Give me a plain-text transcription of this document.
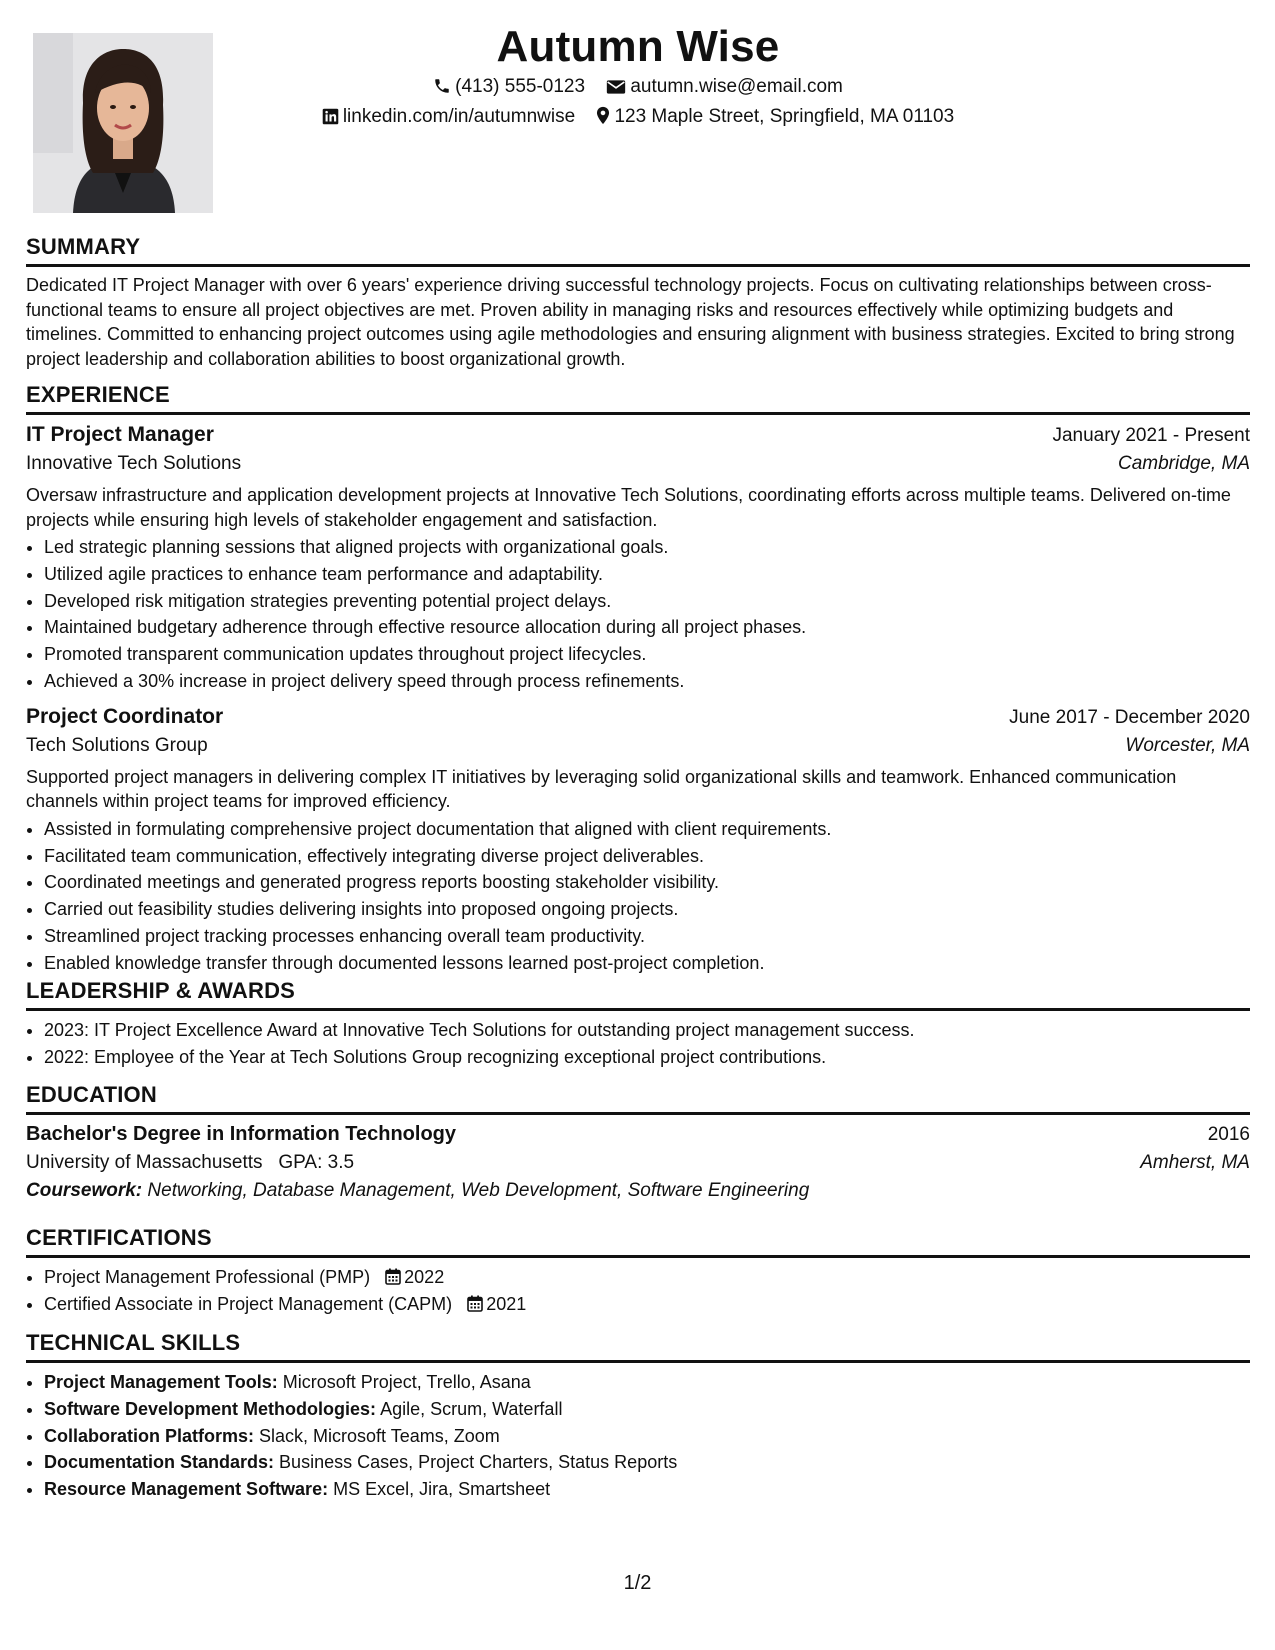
Autumn Wise
(413) 555-0123 autumn.wise@email.com
linkedin.com/in/autumnwise 123 Maple Street, Springfield, MA 01103
SUMMARY

Dedicated IT Project Manager with over 6 years' experience driving successful technology projects. Focus on cultivating relationships between cross-functional teams to ensure all project objectives are met. Proven ability in managing risks and resources effectively while optimizing budgets and timelines. Committed to enhancing project outcomes using agile methodologies and ensuring alignment with business strategies. Excited to bring strong project leadership and collaboration abilities to boost organizational growth.

EXPERIENCE
IT Project Manager	January 2021 - Present
Innovative Tech Solutions	Cambridge, MA

Oversaw infrastructure and application development projects at Innovative Tech Solutions, coordinating efforts across multiple teams. Delivered on-time projects while ensuring high levels of stakeholder engagement and satisfaction.

• Led strategic planning sessions that aligned projects with organizational goals.
• Utilized agile practices to enhance team performance and adaptability.
• Developed risk mitigation strategies preventing potential project delays.
• Maintained budgetary adherence through effective resource allocation during all project phases.
• Promoted transparent communication updates throughout project lifecycles.
• Achieved a 30% increase in project delivery speed through process refinements.
Project Coordinator	June 2017 - December 2020
Tech Solutions Group	Worcester, MA

Supported project managers in delivering complex IT initiatives by leveraging solid organizational skills and teamwork. Enhanced communication channels within project teams for improved efficiency.

• Assisted in formulating comprehensive project documentation that aligned with client requirements.
• Facilitated team communication, effectively integrating diverse project deliverables.
• Coordinated meetings and generated progress reports boosting stakeholder visibility.
• Carried out feasibility studies delivering insights into proposed ongoing projects.
• Streamlined project tracking processes enhancing overall team productivity.
• Enabled knowledge transfer through documented lessons learned post-project completion.
LEADERSHIP & AWARDS
• 2023: IT Project Excellence Award at Innovative Tech Solutions for outstanding project management success.
• 2022: Employee of the Year at Tech Solutions Group recognizing exceptional project contributions.
EDUCATION
Bachelor's Degree in Information Technology	2016
University of Massachusetts GPA: 3.5	Amherst, MA
Coursework: Networking, Database Management, Web Development, Software Engineering
CERTIFICATIONS
• Project Management Professional (PMP) 2022
• Certified Associate in Project Management (CAPM) 2021
TECHNICAL SKILLS
• Project Management Tools: Microsoft Project, Trello, Asana
• Software Development Methodologies: Agile, Scrum, Waterfall
• Collaboration Platforms: Slack, Microsoft Teams, Zoom
• Documentation Standards: Business Cases, Project Charters, Status Reports
• Resource Management Software: MS Excel, Jira, Smartsheet
1/2
